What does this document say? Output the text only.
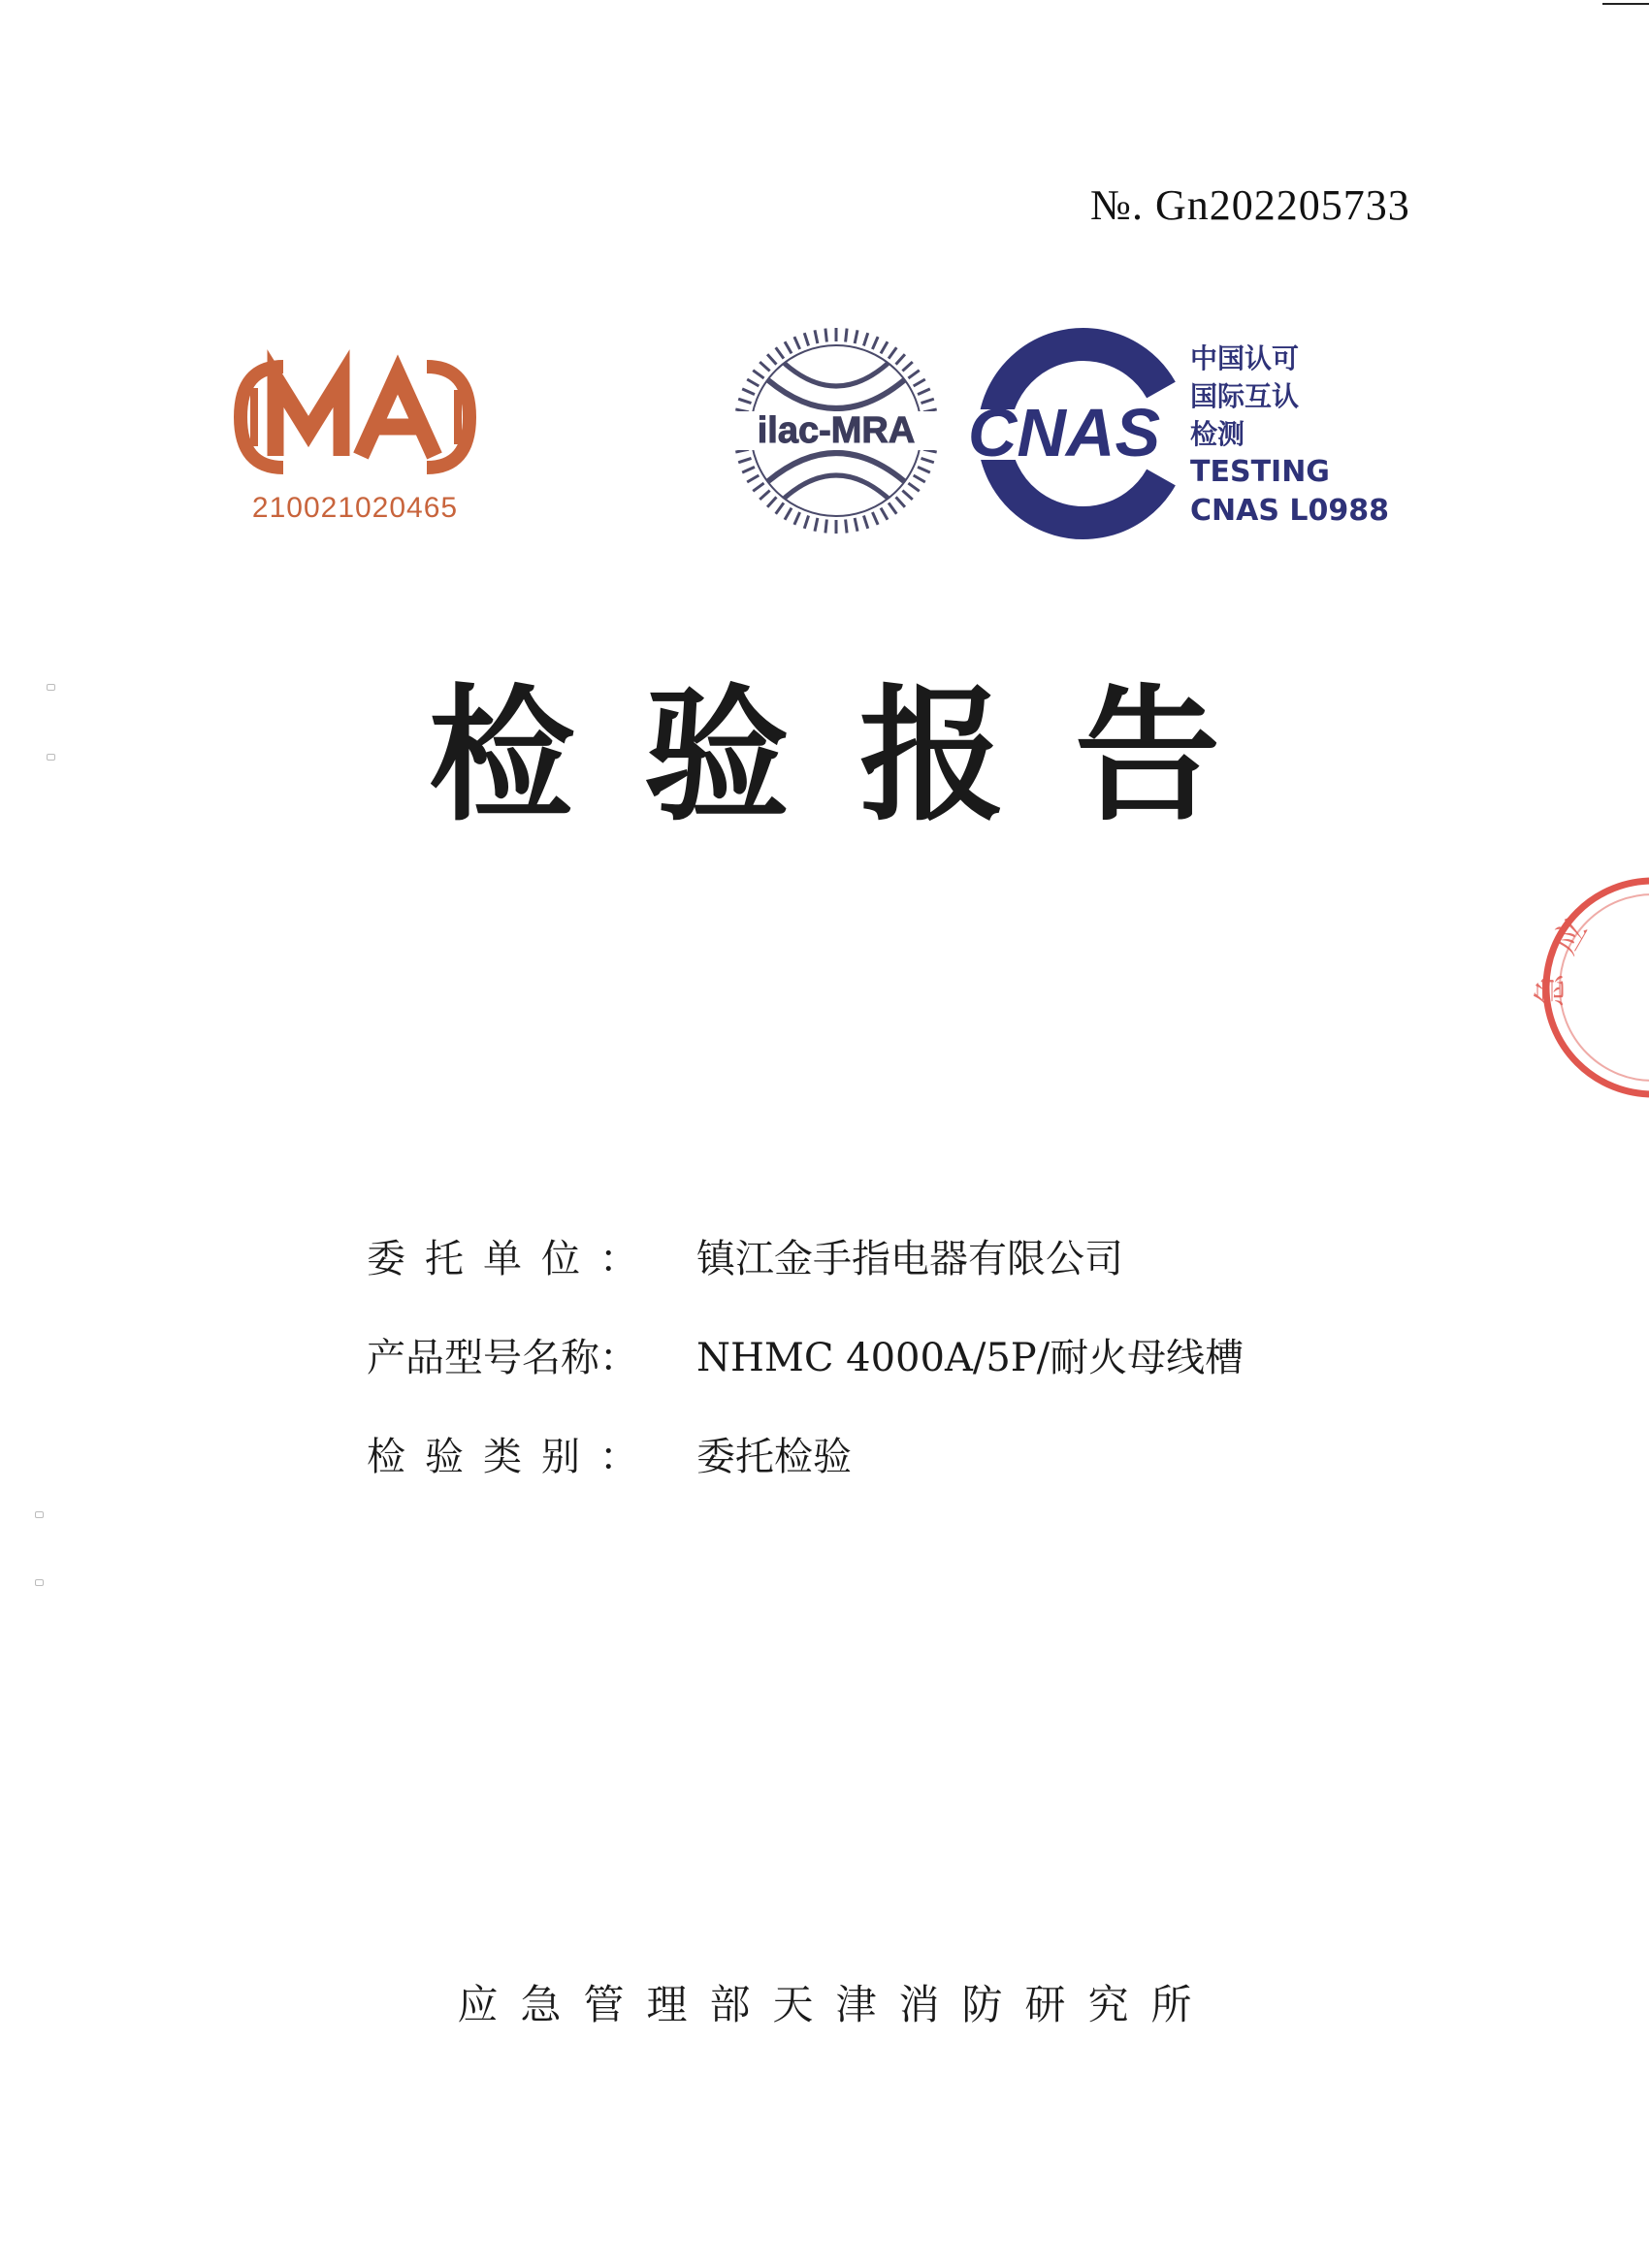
№. Gn202205733
210021020465
ilac-MRA CNAS
中国认可
国际互认
检测
TESTING
CNAS L0988
检验报告
应
急
委托单位： 镇江金手指电器有限公司
产品型号名称： NHMC 4000A/5P/耐火母线槽
检验类别： 委托检验
应急管理部天津消防研究所
